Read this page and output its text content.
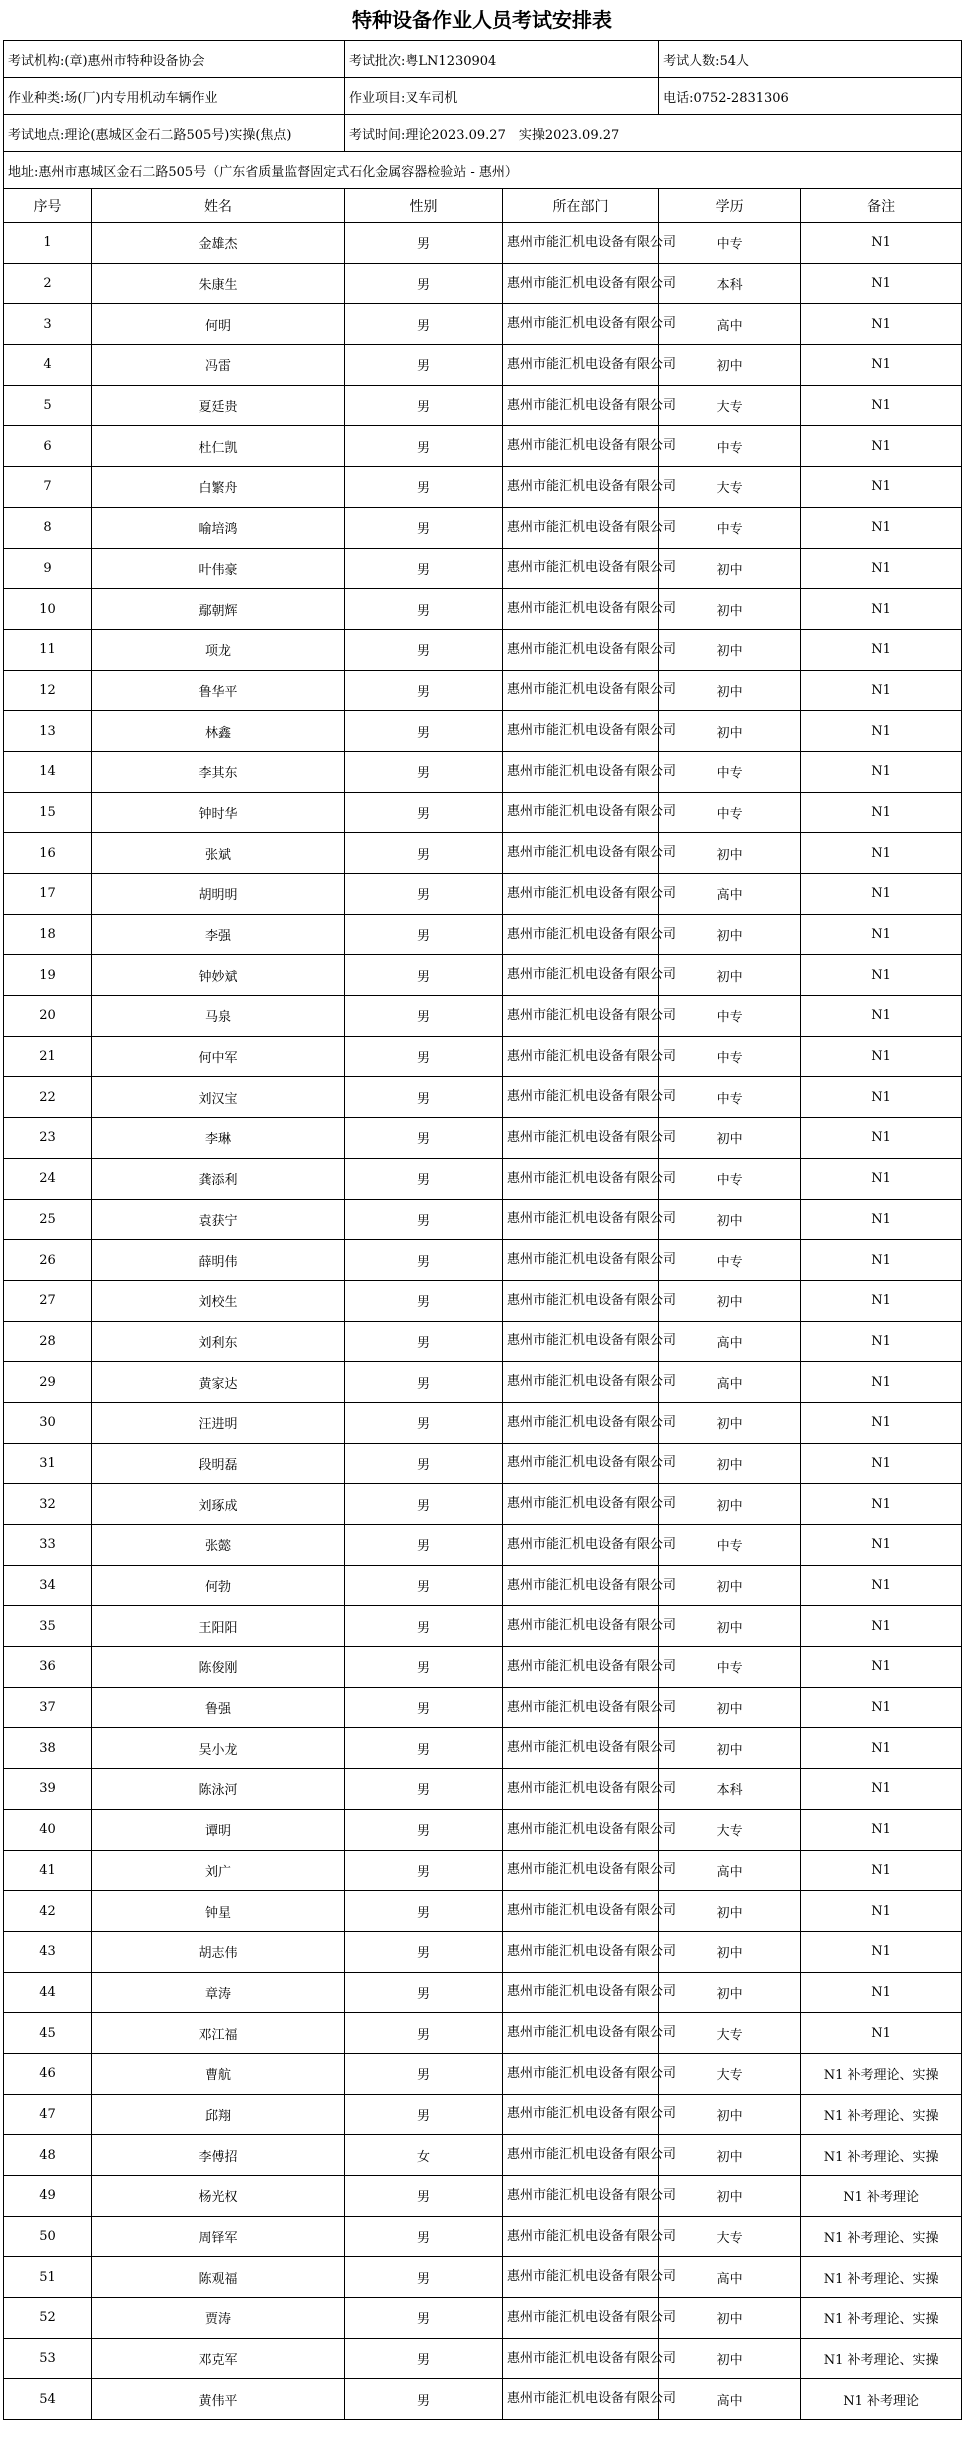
特种设备作业人员考试安排表
考试机构:(章)惠州市特种设备协会		考试批次:粤LN1230904		考试人数:54人	
作业种类:场(厂)内专用机动车辆作业		作业项目:叉车司机		电话:0752-2831306	
考试地点:理论(惠城区金石二路505号)实操(焦点)		考试时间:理论2023.09.27　实操2023.09.27			
地址:惠州市惠城区金石二路505号（广东省质量监督固定式石化金属容器检验站 - 惠州）					
序号	姓名	性别	所在部门	学历	备注
1	金雄杰	男	惠州市能汇机电设备有限公司	中专	N1
2	朱康生	男	惠州市能汇机电设备有限公司	本科	N1
3	何明	男	惠州市能汇机电设备有限公司	高中	N1
4	冯雷	男	惠州市能汇机电设备有限公司	初中	N1
5	夏廷贵	男	惠州市能汇机电设备有限公司	大专	N1
6	杜仁凯	男	惠州市能汇机电设备有限公司	中专	N1
7	白繁舟	男	惠州市能汇机电设备有限公司	大专	N1
8	喻培鸿	男	惠州市能汇机电设备有限公司	中专	N1
9	叶伟豪	男	惠州市能汇机电设备有限公司	初中	N1
10	鄢朝辉	男	惠州市能汇机电设备有限公司	初中	N1
11	项龙	男	惠州市能汇机电设备有限公司	初中	N1
12	鲁华平	男	惠州市能汇机电设备有限公司	初中	N1
13	林鑫	男	惠州市能汇机电设备有限公司	初中	N1
14	李其东	男	惠州市能汇机电设备有限公司	中专	N1
15	钟时华	男	惠州市能汇机电设备有限公司	中专	N1
16	张斌	男	惠州市能汇机电设备有限公司	初中	N1
17	胡明明	男	惠州市能汇机电设备有限公司	高中	N1
18	李强	男	惠州市能汇机电设备有限公司	初中	N1
19	钟妙斌	男	惠州市能汇机电设备有限公司	初中	N1
20	马泉	男	惠州市能汇机电设备有限公司	中专	N1
21	何中军	男	惠州市能汇机电设备有限公司	中专	N1
22	刘汉宝	男	惠州市能汇机电设备有限公司	中专	N1
23	李琳	男	惠州市能汇机电设备有限公司	初中	N1
24	龚添利	男	惠州市能汇机电设备有限公司	中专	N1
25	袁获宁	男	惠州市能汇机电设备有限公司	初中	N1
26	薛明伟	男	惠州市能汇机电设备有限公司	中专	N1
27	刘校生	男	惠州市能汇机电设备有限公司	初中	N1
28	刘利东	男	惠州市能汇机电设备有限公司	高中	N1
29	黄家达	男	惠州市能汇机电设备有限公司	高中	N1
30	汪进明	男	惠州市能汇机电设备有限公司	初中	N1
31	段明磊	男	惠州市能汇机电设备有限公司	初中	N1
32	刘琢成	男	惠州市能汇机电设备有限公司	初中	N1
33	张懿	男	惠州市能汇机电设备有限公司	中专	N1
34	何勃	男	惠州市能汇机电设备有限公司	初中	N1
35	王阳阳	男	惠州市能汇机电设备有限公司	初中	N1
36	陈俊刚	男	惠州市能汇机电设备有限公司	中专	N1
37	鲁强	男	惠州市能汇机电设备有限公司	初中	N1
38	吴小龙	男	惠州市能汇机电设备有限公司	初中	N1
39	陈泳河	男	惠州市能汇机电设备有限公司	本科	N1
40	谭明	男	惠州市能汇机电设备有限公司	大专	N1
41	刘广	男	惠州市能汇机电设备有限公司	高中	N1
42	钟星	男	惠州市能汇机电设备有限公司	初中	N1
43	胡志伟	男	惠州市能汇机电设备有限公司	初中	N1
44	章涛	男	惠州市能汇机电设备有限公司	初中	N1
45	邓江福	男	惠州市能汇机电设备有限公司	大专	N1
46	曹航	男	惠州市能汇机电设备有限公司	大专	N1 补考理论、实操
47	邱翔	男	惠州市能汇机电设备有限公司	初中	N1 补考理论、实操
48	李傅招	女	惠州市能汇机电设备有限公司	初中	N1 补考理论、实操
49	杨光权	男	惠州市能汇机电设备有限公司	初中	N1 补考理论
50	周铎军	男	惠州市能汇机电设备有限公司	大专	N1 补考理论、实操
51	陈观福	男	惠州市能汇机电设备有限公司	高中	N1 补考理论、实操
52	贾涛	男	惠州市能汇机电设备有限公司	初中	N1 补考理论、实操
53	邓克军	男	惠州市能汇机电设备有限公司	初中	N1 补考理论、实操
54	黄伟平	男	惠州市能汇机电设备有限公司	高中	N1 补考理论
